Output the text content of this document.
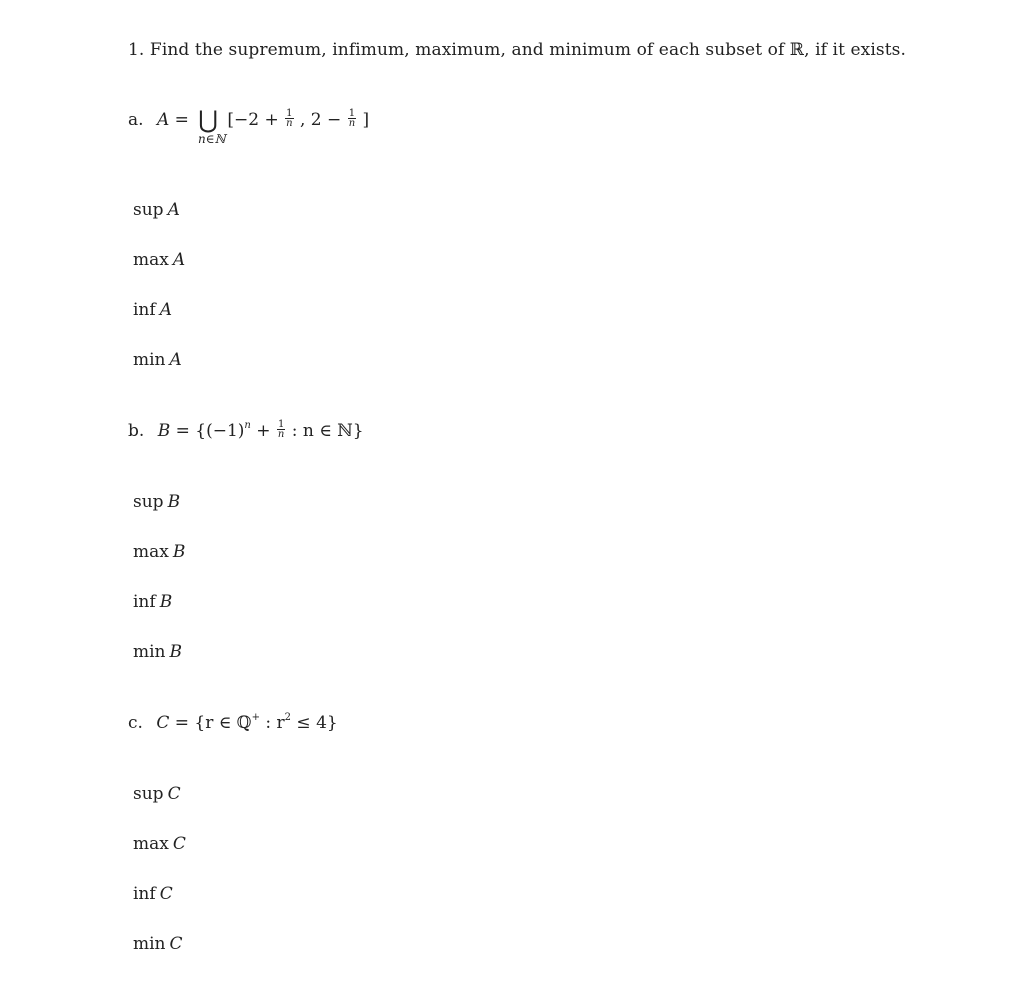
1. Find the supremum, infimum, maximum, and minimum of each subset of ℝ, if it exists.
a. A = ⋃
n∈ℕ
[$-2 + \frac{1}{n}$ , $2 - \frac{1}{n}$ ]
sup A
max A
inf A
min A
b. $B = \{(-1)^n + \frac{1}{n}$ : n ∈ ℕ}
sup B
max B
inf B
min B
c. C = {r ∈ ℚ+ : $r^2 \le 4$}
sup C
max C
inf C
min C
